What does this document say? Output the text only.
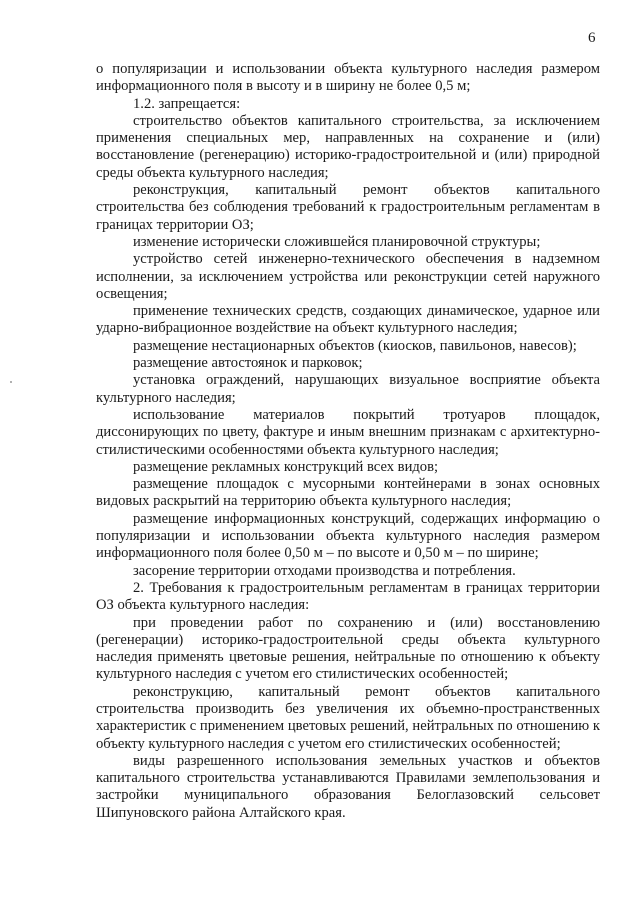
6

о популяризации и использовании объекта культурного наследия размером информационного поля в высоту и в ширину не более 0,5 м;

1.2. запрещается:

строительство объектов капитального строительства, за исключением применения специальных мер, направленных на сохранение и (или) восстановление (регенерацию) историко-градостроительной и (или) природной среды объекта культурного наследия;

реконструкция, капитальный ремонт объектов капитального строительства без соблюдения требований к градостроительным регламентам в границах территории ОЗ;

изменение исторически сложившейся планировочной структуры;

устройство сетей инженерно-технического обеспечения в надземном исполнении, за исключением устройства или реконструкции сетей наружного освещения;

применение технических средств, создающих динамическое, ударное или ударно-вибрационное воздействие на объект культурного наследия;

размещение нестационарных объектов (киосков, павильонов, навесов);

размещение автостоянок и парковок;

установка ограждений, нарушающих визуальное восприятие объекта культурного наследия;

использование материалов покрытий тротуаров площадок, диссонирующих по цвету, фактуре и иным внешним признакам с архитектурно-стилистическими особенностями объекта культурного наследия;

размещение рекламных конструкций всех видов;

размещение площадок с мусорными контейнерами в зонах основных видовых раскрытий на территорию объекта культурного наследия;

размещение информационных конструкций, содержащих информацию о популяризации и использовании объекта культурного наследия размером информационного поля более 0,50 м – по высоте и 0,50 м – по ширине;

засорение территории отходами производства и потребления.

2. Требования к градостроительным регламентам в границах территории ОЗ объекта культурного наследия:

при проведении работ по сохранению и (или) восстановлению (регенерации) историко-градостроительной среды объекта культурного наследия применять цветовые решения, нейтральные по отношению к объекту культурного наследия с учетом его стилистических особенностей;

реконструкцию, капитальный ремонт объектов капитального строительства производить без увеличения их объемно-пространственных характеристик с применением цветовых решений, нейтральных по отношению к объекту культурного наследия с учетом его стилистических особенностей;

виды разрешенного использования земельных участков и объектов капитального строительства устанавливаются Правилами землепользования и застройки муниципального образования Белоглазовский сельсовет Шипуновского района Алтайского края.
